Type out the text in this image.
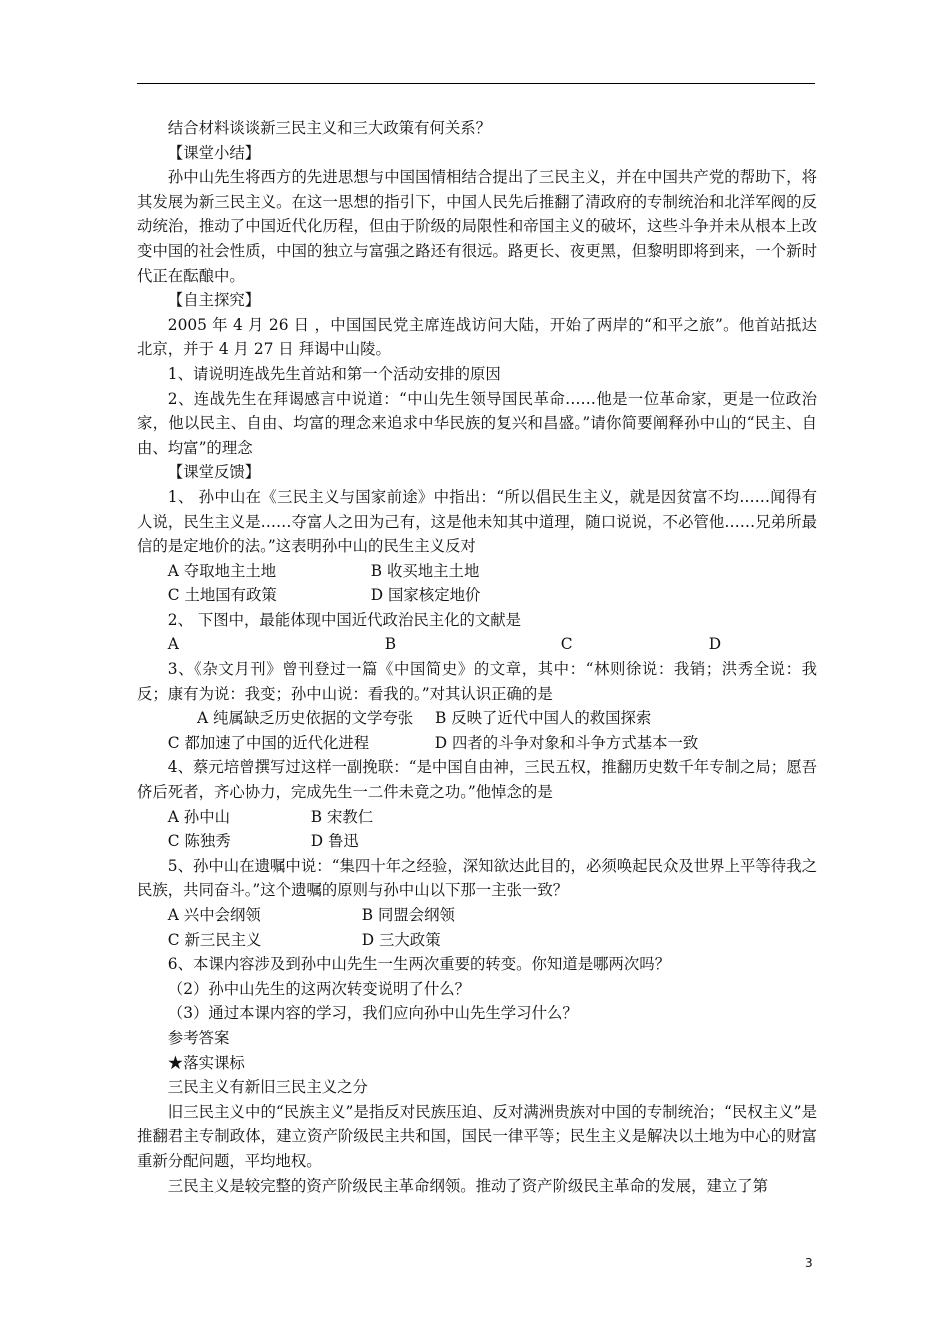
结合材料谈谈新三民主义和三大政策有何关系？

【课堂小结】

孙中山先生将西方的先进思想与中国国情相结合提出了三民主义，并在中国共产党的帮助下，将其发展为新三民主义。在这一思想的指引下，中国人民先后推翻了清政府的专制统治和北洋军阀的反动统治，推动了中国近代化历程，但由于阶级的局限性和帝国主义的破坏，这些斗争并未从根本上改变中国的社会性质，中国的独立与富强之路还有很远。路更长、夜更黑，但黎明即将到来，一个新时代正在酝酿中。

【自主探究】

2005 年 4 月 26 日 ，中国国民党主席连战访问大陆，开始了两岸的“和平之旅”。他首站抵达北京，并于 4 月 27 日 拜谒中山陵。

1、请说明连战先生首站和第一个活动安排的原因

2、连战先生在拜谒感言中说道：“中山先生领导国民革命……他是一位革命家，更是一位政治家，他以民主、自由、均富的理念来追求中华民族的复兴和昌盛。”请你简要阐释孙中山的“民主、自由、均富”的理念

【课堂反馈】

1、 孙中山在《三民主义与国家前途》中指出：“所以倡民生主义，就是因贫富不均……闻得有人说，民生主义是……夺富人之田为己有，这是他未知其中道理，随口说说，不必管他……兄弟所最信的是定地价的法。”这表明孙中山的民生主义反对

A 夺取地主土地	B 收买地主土地
C 土地国有政策	D 国家核定地价

2、 下图中，最能体现中国近代政治民主化的文献是

A	B	C	D

3、《杂文月刊》曾刊登过一篇《中国简史》的文章，其中：“林则徐说：我销；洪秀全说：我反；康有为说：我变；孙中山说：看我的。”对其认识正确的是

A 纯属缺乏历史依据的文学夸张	B 反映了近代中国人的救国探索
C 都加速了中国的近代化进程	D 四者的斗争对象和斗争方式基本一致

4、蔡元培曾撰写过这样一副挽联：“是中国自由神，三民五权，推翻历史数千年专制之局；愿吾侪后死者，齐心协力，完成先生一二件未竟之功。”他悼念的是

A 孙中山	B 宋教仁
C 陈独秀	D 鲁迅

5、孙中山在遗嘱中说：“集四十年之经验，深知欲达此目的，必须唤起民众及世界上平等待我之民族，共同奋斗。”这个遗嘱的原则与孙中山以下那一主张一致？

A 兴中会纲领	B 同盟会纲领
C 新三民主义	D 三大政策

6、本课内容涉及到孙中山先生一生两次重要的转变。你知道是哪两次吗？

（2）孙中山先生的这两次转变说明了什么？

（3）通过本课内容的学习，我们应向孙中山先生学习什么？

参考答案

★落实课标

三民主义有新旧三民主义之分

旧三民主义中的“民族主义”是指反对民族压迫、反对满洲贵族对中国的专制统治；“民权主义”是推翻君主专制政体，建立资产阶级民主共和国，国民一律平等；民生主义是解决以土地为中心的财富重新分配问题，平均地权。

三民主义是较完整的资产阶级民主革命纲领。推动了资产阶级民主革命的发展，建立了第

3
